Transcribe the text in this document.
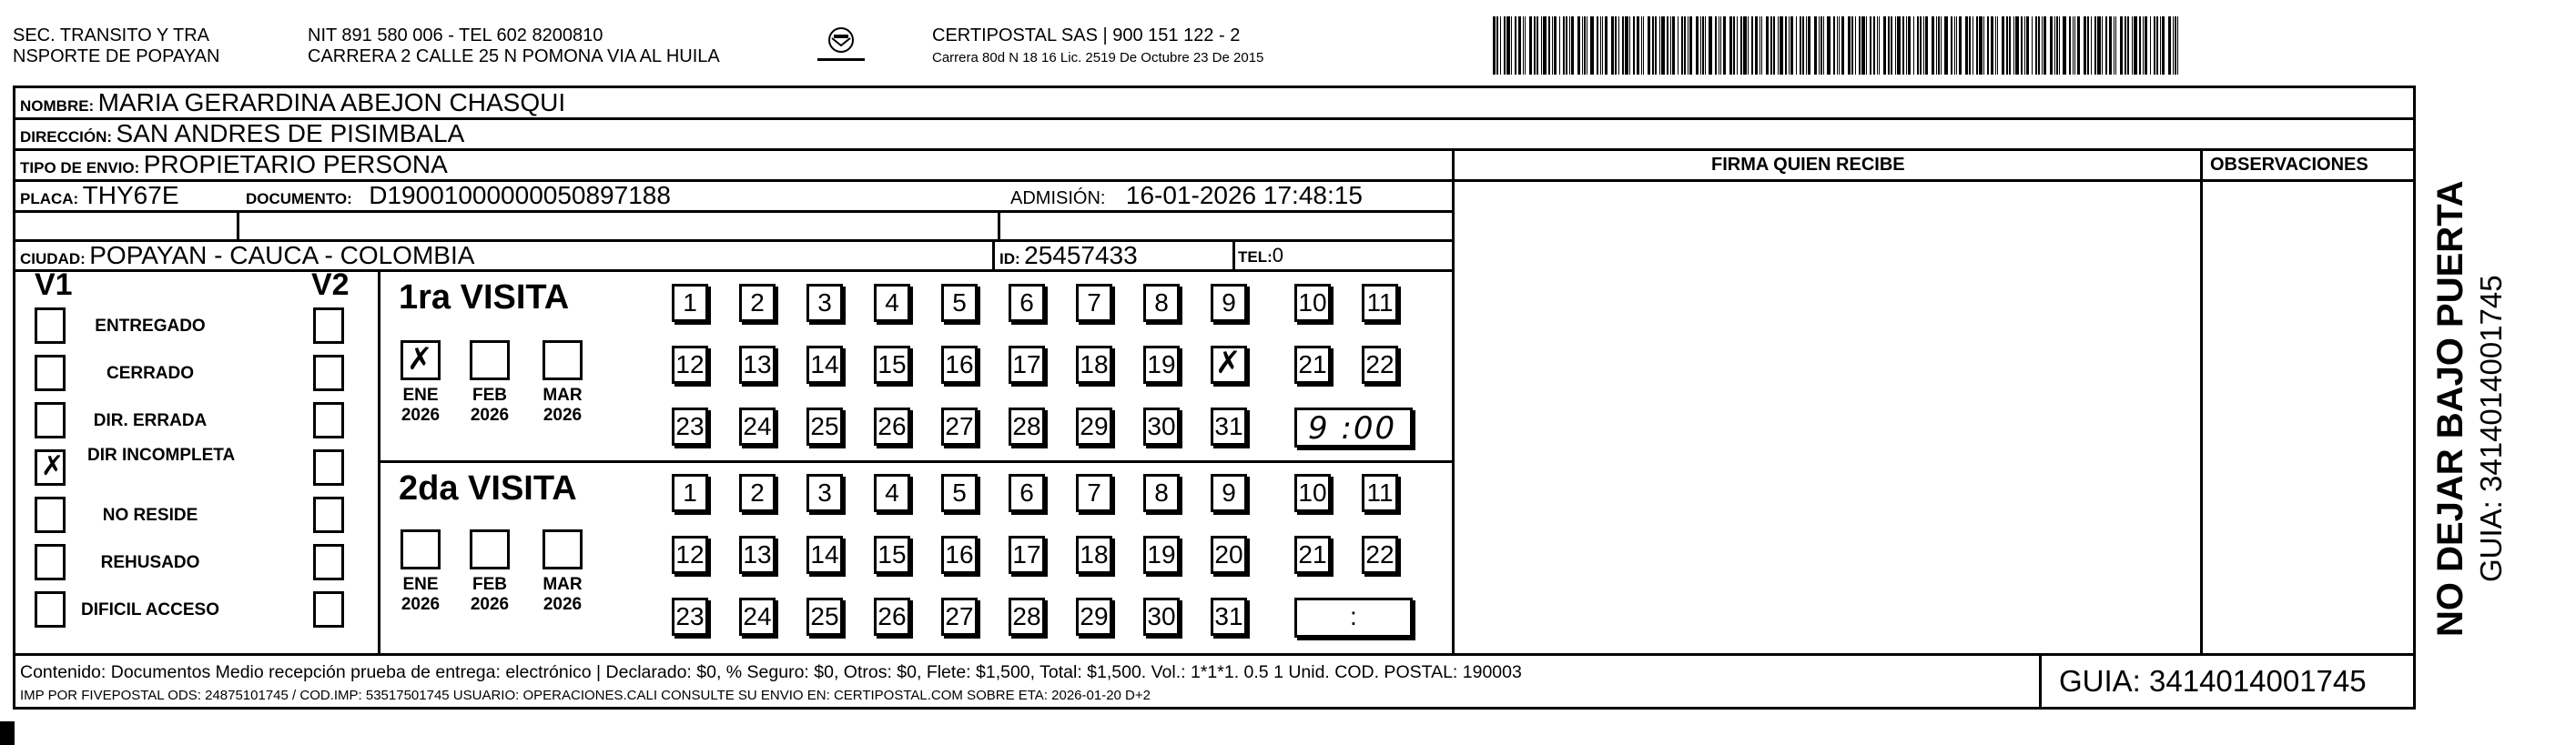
SEC. TRANSITO Y TRA
NSPORTE DE POPAYAN
NIT 891 580 006 - TEL 602 8200810
CARRERA 2 CALLE 25 N POMONA VIA AL HUILA
CERTIPOSTAL SAS | 900 151 122 - 2
Carrera 80d N 18 16 Lic. 2519 De Octubre 23 De 2015
NOMBRE: MARIA GERARDINA ABEJON CHASQUI
DIRECCIÓN: SAN ANDRES DE PISIMBALA
TIPO DE ENVIO: PROPIETARIO PERSONA	FIRMA QUIEN RECIBE	OBSERVACIONES
PLACA: THY67E	DOCUMENTO: D19001000000050897188	ADMISIÓN: 16-01-2026 17:48:15
CIUDAD: POPAYAN - CAUCA - COLOMBIA	ID: 25457433	TEL:0
V1	V2
ENTREGADO
CERRADO
DIR. ERRADA
✗ DIR INCOMPLETA
NO RESIDE
REHUSADO
DIFICIL ACCESO
1ra VISITA
2da VISITA
✗
ENE
2026
FEB
2026
MAR
2026
ENE
2026
FEB
2026
MAR
2026
1	2	3	4	5	6	7	8	9	10 11
12 13 14 15 16 17 18 19 ✗ 21 22
23 24 25 26 27 28 29 30 31
1	2	3	4	5	6	7	8	9	10 11
12 13 14 15 16 17 18 19 20 21 22
23 24 25 26 27 28 29 30 31
9 :00
:
Contenido: Documentos Medio recepción prueba de entrega: electrónico | Declarado: $0, % Seguro: $0, Otros: $0, Flete: $1,500, Total: $1,500. Vol.: 1*1*1. 0.5 1 Unid. COD. POSTAL: 190003
IMP POR FIVEPOSTAL ODS: 24875101745 / COD.IMP: 53517501745 USUARIO: OPERACIONES.CALI CONSULTE SU ENVIO EN: CERTIPOSTAL.COM SOBRE ETA: 2026-01-20 D+2	GUIA: 3414014001745
NO DEJAR BAJO PUERTA GUIA: 3414014001745
